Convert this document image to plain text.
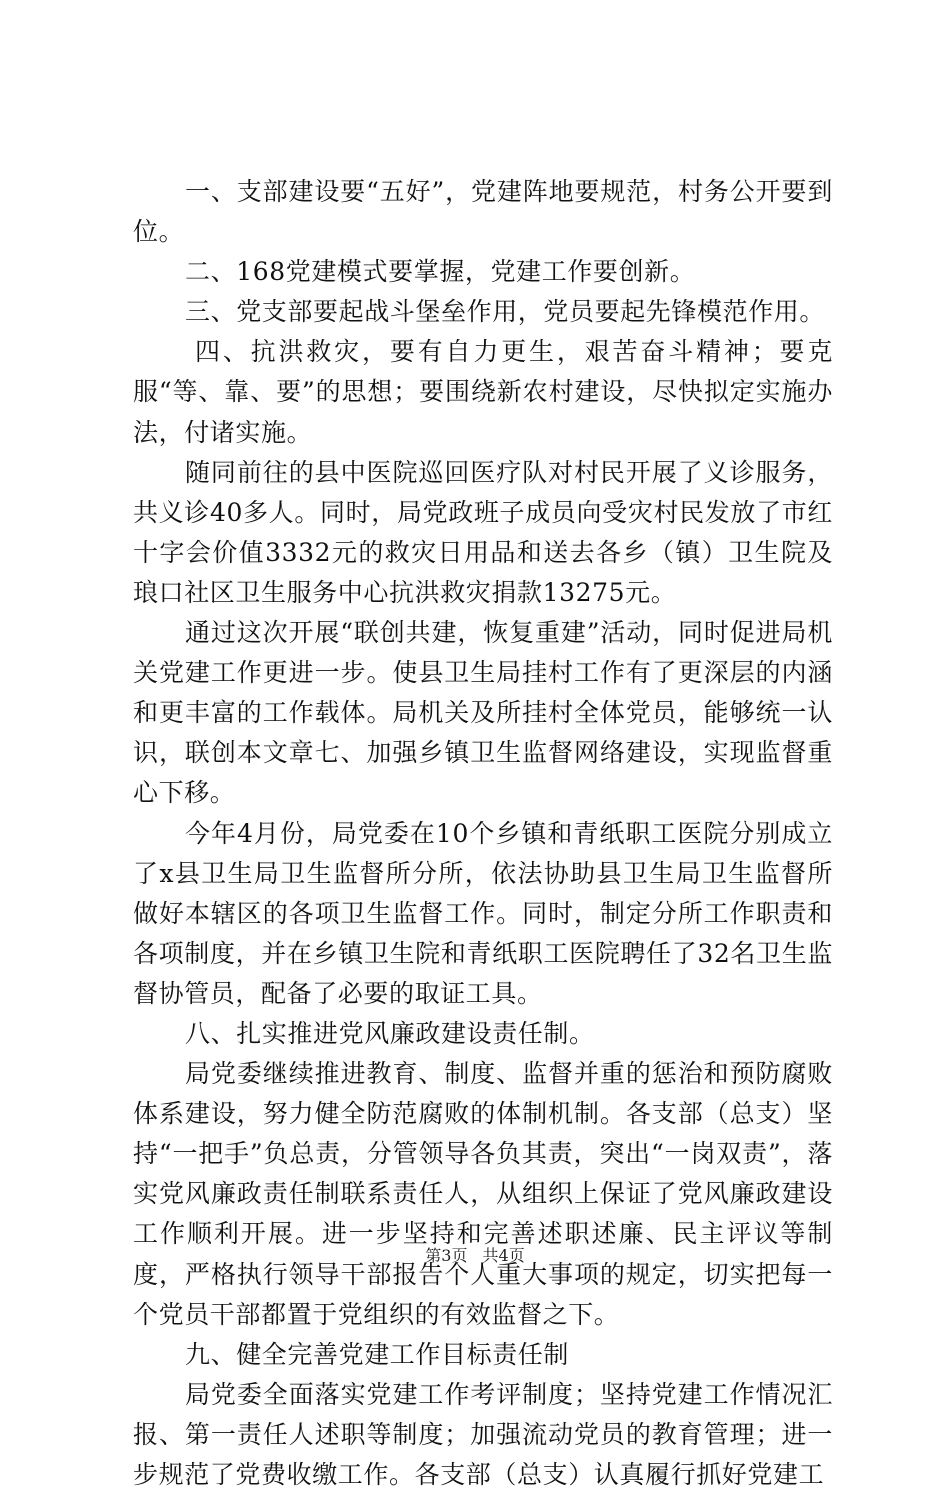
一、支部建设要“五好”，党建阵地要规范，村务公开要到位。

二、168党建模式要掌握，党建工作要创新。

三、党支部要起战斗堡垒作用，党员要起先锋模范作用。

四、抗洪救灾，要有自力更生，艰苦奋斗精神；要克服“等、靠、要”的思想；要围绕新农村建设，尽快拟定实施办法，付诸实施。

随同前往的县中医院巡回医疗队对村民开展了义诊服务，共义诊40多人。同时，局党政班子成员向受灾村民发放了市红十字会价值3332元的救灾日用品和送去各乡（镇）卫生院及琅口社区卫生服务中心抗洪救灾捐款13275元。

通过这次开展“联创共建，恢复重建”活动，同时促进局机关党建工作更进一步。使县卫生局挂村工作有了更深层的内涵和更丰富的工作载体。局机关及所挂村全体党员，能够统一认识，联创本文章七、加强乡镇卫生监督网络建设，实现监督重心下移。

今年4月份，局党委在10个乡镇和青纸职工医院分别成立了x县卫生局卫生监督所分所，依法协助县卫生局卫生监督所做好本辖区的各项卫生监督工作。同时，制定分所工作职责和各项制度，并在乡镇卫生院和青纸职工医院聘任了32名卫生监督协管员，配备了必要的取证工具。

八、扎实推进党风廉政建设责任制。

局党委继续推进教育、制度、监督并重的惩治和预防腐败体系建设，努力健全防范腐败的体制机制。各支部（总支）坚持“一把手”负总责，分管领导各负其责，突出“一岗双责”，落实党风廉政责任制联系责任人，从组织上保证了党风廉政建设工作顺利开展。进一步坚持和完善述职述廉、民主评议等制度，严格执行领导干部报告个人重大事项的规定，切实把每一个党员干部都置于党组织的有效监督之下。

九、健全完善党建工作目标责任制

局党委全面落实党建工作考评制度；坚持党建工作情况汇报、第一责任人述职等制度；加强流动党员的教育管理；进一步规范了党费收缴工作。各支部（总支）认真履行抓好党建工

第3页 共4页
